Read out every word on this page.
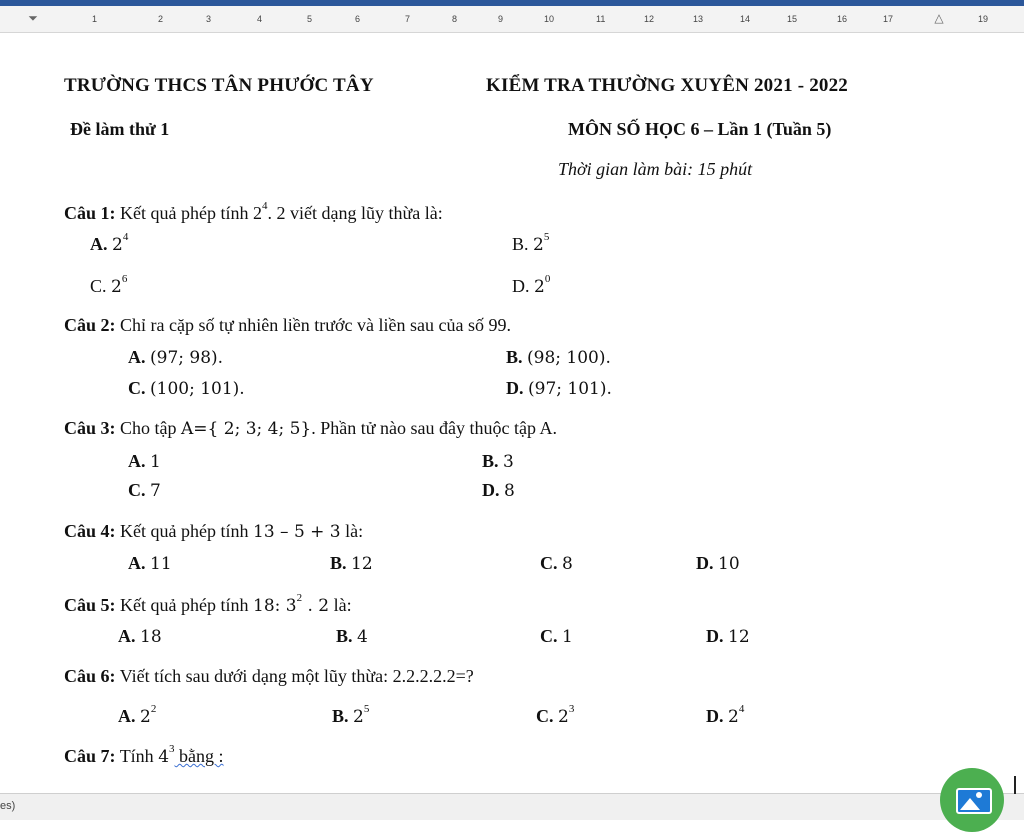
⏷	△
1	2	3	4	5	6	7	8	9	10	11	12	13	14	15	16	17	19
TRƯỜNG THCS TÂN PHƯỚC TÂY	KIỂM TRA THƯỜNG XUYÊN 2021 - 2022
Đề làm thử 1	MÔN SỐ HỌC 6 – Lần 1 (Tuần 5)
Thời gian làm bài: 15 phút
Câu 1: Kết quả phép tính $2^4$. 2 viết dạng lũy thừa là:
A. $2^4$	B. $2^5$
C. $2^6$	D. $2^0$
Câu 2: Chỉ ra cặp số tự nhiên liền trước và liền sau của số 99.
A. (97; 98).	B. (98; 100).
C. (100; 101).	D. (97; 101).
Câu 3: Cho tập A={ 2; 3; 4; 5}. Phần tử nào sau đây thuộc tập A.
A. 1	B. 3
C. 7	D. 8
Câu 4: Kết quả phép tính 13 – 5 + 3 là:
A. 11	B. 12	C. 8	D. 10
Câu 5: Kết quả phép tính 18: $3^2$ . 2 là:
A. 18	B. 4	C. 1	D. 12
Câu 6: Viết tích sau dưới dạng một lũy thừa: 2.2.2.2.2=?
A. $2^2$	B. $2^5$	C. $2^3$	D. $2^4$
Câu 7: Tính $4^3$ bằng :
es)
